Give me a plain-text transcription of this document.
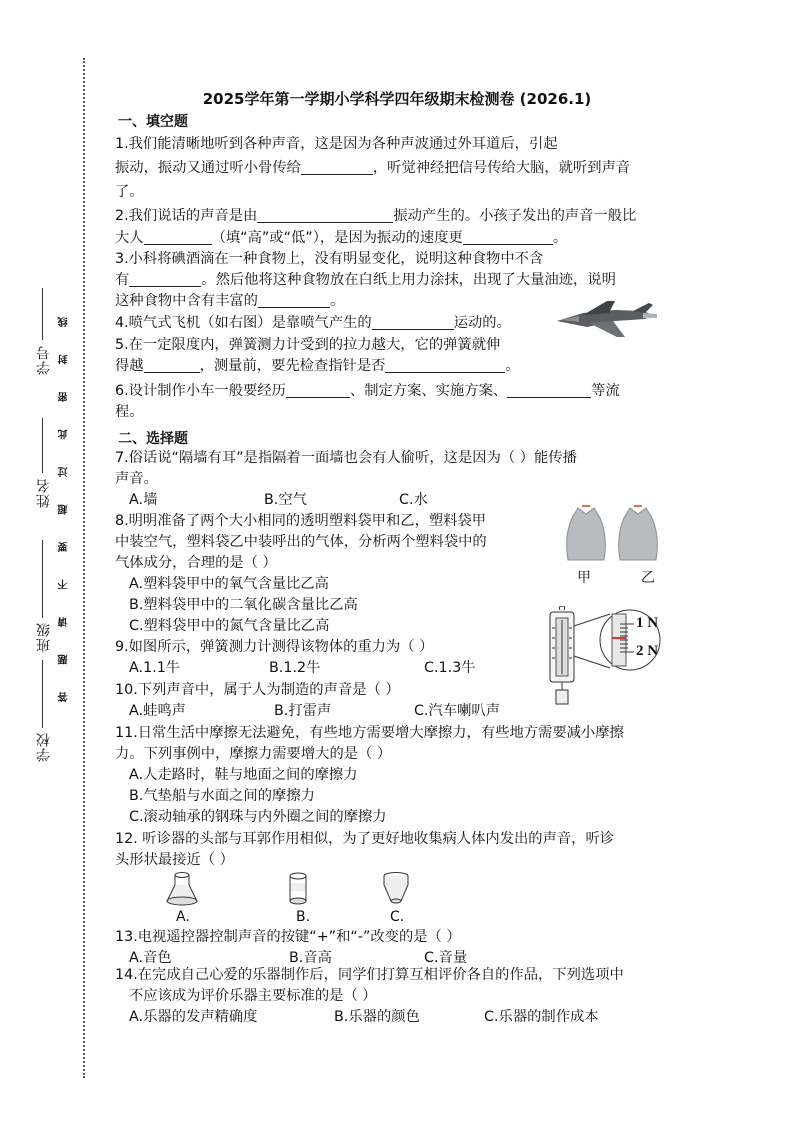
答 题 请 不 要 超 过 此 密 封 线
学号
姓名
班级
学校
2025学年第一学期小学科学四年级期末检测卷 (2026.1)
一、填空题
1.我们能清晰地听到各种声音，这是因为各种声波通过外耳道后，引起
振动，振动又通过听小骨传给	，听觉神经把信号传给大脑，就听到声音
了。
2.我们说话的声音是由	振动产生的。小孩子发出的声音一般比
大人	（填“高”或“低”），是因为振动的速度更	。
3.小科将碘酒滴在一种食物上，没有明显变化，说明这种食物中不含
有	。然后他将这种食物放在白纸上用力涂抹，出现了大量油迹，说明
这种食物中含有丰富的	。
4.喷气式飞机（如右图）是靠喷气产生的	运动的。
5.在一定限度内，弹簧测力计受到的拉力越大，它的弹簧就伸
得越	，测量前，要先检查指针是否	。
6.设计制作小车一般要经历	、制定方案、实施方案、	等流
程。
二、选择题
7.俗话说“隔墙有耳”是指隔着一面墙也会有人偷听，这是因为（ ）能传播
声音。
A.墙	B.空气	C.水
8.明明准备了两个大小相同的透明塑料袋甲和乙，塑料袋甲
中装空气，塑料袋乙中装呼出的气体，分析两个塑料袋中的
气体成分，合理的是（ ）
A.塑料袋甲中的氧气含量比乙高
B.塑料袋甲中的二氧化碳含量比乙高
C.塑料袋甲中的氮气含量比乙高
甲	乙
9.如图所示，弹簧测力计测得该物体的重力为（ ）
A.1.1牛	B.1.2牛	C.1.3牛
1 N
2 N
10.下列声音中，属于人为制造的声音是（ ）
A.蛙鸣声	B.打雷声	C.汽车喇叭声
11.日常生活中摩擦无法避免，有些地方需要增大摩擦力，有些地方需要减小摩擦
力。下列事例中，摩擦力需要增大的是（ ）
A.人走路时，鞋与地面之间的摩擦力
B.气垫船与水面之间的摩擦力
C.滚动轴承的钢珠与内外圈之间的摩擦力
12. 听诊器的头部与耳郭作用相似，为了更好地收集病人体内发出的声音，听诊
头形状最接近（ ）
A.	B.	C.
13.电视遥控器控制声音的按键“+”和“-”改变的是（ ）
A.音色	B.音高	C.音量
14.在完成自己心爱的乐器制作后，同学们打算互相评价各自的作品，下列选项中
不应该成为评价乐器主要标准的是（ ）
A.乐器的发声精确度	B.乐器的颜色	C.乐器的制作成本
